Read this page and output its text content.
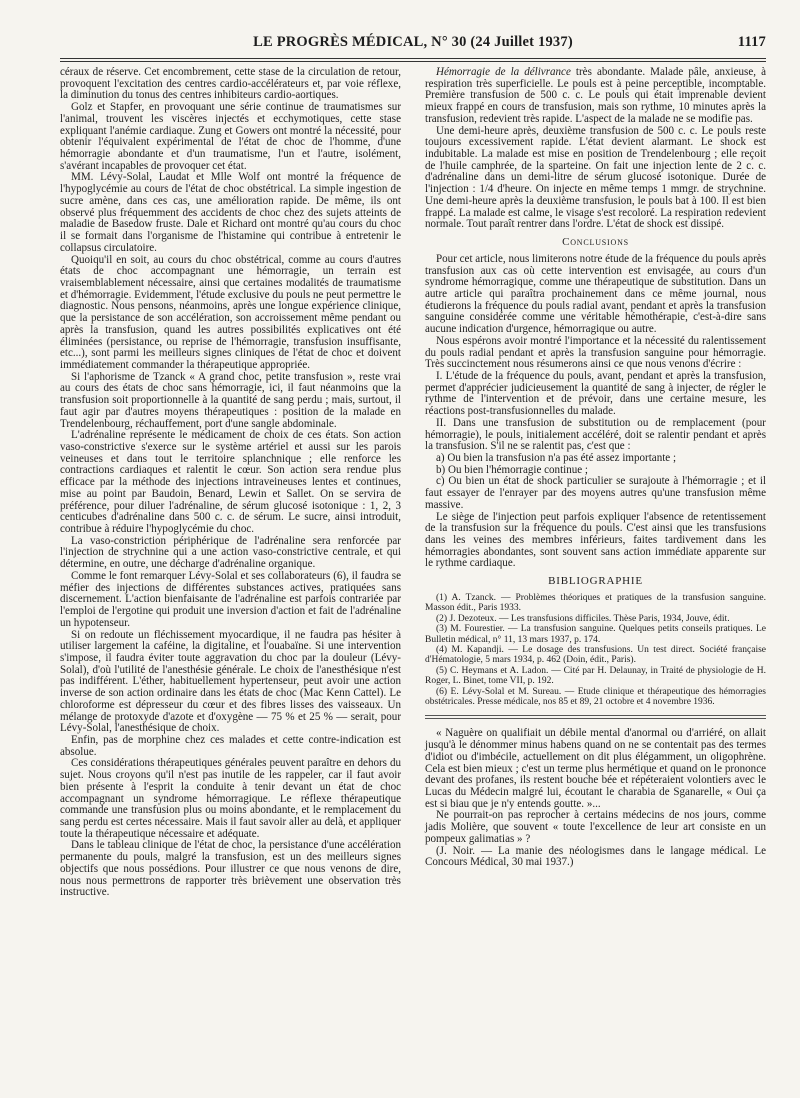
LE PROGRÈS MÉDICAL, N° 30 (24 Juillet 1937)	1117

céraux de réserve. Cet encombrement, cette stase de la circulation de retour, provoquent l'excitation des centres cardio-accélérateurs et, par voie réflexe, la diminution du tonus des centres inhibiteurs cardio-aortiques.

Golz et Stapfer, en provoquant une série continue de traumatismes sur l'animal, trouvent les viscères injectés et ecchymotiques, cette stase expliquant l'anémie cardiaque. Zung et Gowers ont montré la nécessité, pour obtenir l'équivalent expérimental de l'état de choc de l'homme, d'une hémorragie abondante et d'un traumatisme, l'un et l'autre, isolément, s'avérant incapables de provoquer cet état.

MM. Lévy-Solal, Laudat et Mlle Wolf ont montré la fréquence de l'hypoglycémie au cours de l'état de choc obstétrical. La simple ingestion de sucre amène, dans ces cas, une amélioration rapide. De même, ils ont observé plus fréquemment des accidents de choc chez des sujets atteints de maladie de Basedow fruste. Dale et Richard ont montré qu'au cours du choc il se formait dans l'organisme de l'histamine qui contribue à entretenir le collapsus circulatoire.

Quoiqu'il en soit, au cours du choc obstétrical, comme au cours d'autres états de choc accompagnant une hémorragie, un terrain est vraisemblablement nécessaire, ainsi que certaines modalités de traumatisme et d'hémorragie. Evidemment, l'étude exclusive du pouls ne peut permettre le diagnostic. Nous pensons, néanmoins, après une longue expérience clinique, que la persistance de son accélération, son accroissement même pendant ou après la transfusion, quand les autres possibilités explicatives ont été éliminées (persistance, ou reprise de l'hémorragie, transfusion insuffisante, etc...), sont parmi les meilleurs signes cliniques de l'état de choc et doivent immédiatement commander la thérapeutique appropriée.

Si l'aphorisme de Tzanck « A grand choc, petite transfusion », reste vrai au cours des états de choc sans hémorragie, ici, il faut néanmoins que la transfusion soit proportionnelle à la quantité de sang perdu ; mais, surtout, il faut agir par d'autres moyens thérapeutiques : position de la malade en Trendelenbourg, réchauffement, port d'une sangle abdominale.

L'adrénaline représente le médicament de choix de ces états. Son action vaso-constrictive s'exerce sur le système artériel et aussi sur les parois veineuses et dans tout le territoire splanchnique ; elle renforce les contractions cardiaques et ralentit le cœur. Son action sera rendue plus efficace par la méthode des injections intraveineuses lentes et continues, mise au point par Baudoin, Benard, Lewin et Sallet. On se servira de préférence, pour diluer l'adrénaline, de sérum glucosé isotonique : 1, 2, 3 centicubes d'adrénaline dans 500 c. c. de sérum. Le sucre, ainsi introduit, contribue à réduire l'hypoglycémie du choc.

La vaso-constriction périphérique de l'adrénaline sera renforcée par l'injection de strychnine qui a une action vaso-constrictive centrale, et qui détermine, en outre, une décharge d'adrénaline organique.

Comme le font remarquer Lévy-Solal et ses collaborateurs (6), il faudra se méfier des injections de différentes substances actives, pratiquées sans discernement. L'action bienfaisante de l'adrénaline est parfois contrariée par l'emploi de l'ergotine qui produit une inversion d'action et fait de l'adrénaline un hypotenseur.

Si on redoute un fléchissement myocardique, il ne faudra pas hésiter à utiliser largement la caféine, la digitaline, et l'ouabaïne. Si une intervention s'impose, il faudra éviter toute aggravation du choc par la douleur (Lévy-Solal), d'où l'utilité de l'anesthésie générale. Le choix de l'anesthésique n'est pas indifférent. L'éther, habituellement hypertenseur, peut avoir une action inverse de son action ordinaire dans les états de choc (Mac Kenn Cattel). Le chloroforme est dépresseur du cœur et des fibres lisses des vaisseaux. Un mélange de protoxyde d'azote et d'oxygène — 75 % et 25 % — serait, pour Lévy-Solal, l'anesthésique de choix.

Enfin, pas de morphine chez ces malades et cette contre-indication est absolue.

Ces considérations thérapeutiques générales peuvent paraître en dehors du sujet. Nous croyons qu'il n'est pas inutile de les rappeler, car il faut avoir bien présente à l'esprit la conduite à tenir devant un état de choc accompagnant un syndrome hémorragique. Le réflexe thérapeutique commande une transfusion plus ou moins abondante, et le remplacement du sang perdu est certes nécessaire. Mais il faut savoir aller au delà, et appliquer toute la thérapeutique nécessaire et adéquate.

Dans le tableau clinique de l'état de choc, la persistance d'une accélération permanente du pouls, malgré la transfusion, est un des meilleurs signes objectifs que nous possédions. Pour illustrer ce que nous venons de dire, nous nous permettrons de rapporter très brièvement une observation très instructive.

Hémorragie de la délivrance très abondante. Malade pâle, anxieuse, à respiration très superficielle. Le pouls est à peine perceptible, incomptable. Première transfusion de 500 c. c. Le pouls qui était imprenable devient mieux frappé en cours de transfusion, mais son rythme, 10 minutes après la transfusion, redevient très rapide. L'aspect de la malade ne se modifie pas.

Une demi-heure après, deuxième transfusion de 500 c. c. Le pouls reste toujours excessivement rapide. L'état devient alarmant. Le shock est indubitable. La malade est mise en position de Trendelenbourg ; elle reçoit de l'huile camphrée, de la sparteine. On fait une injection lente de 2 c. c. d'adrénaline dans un demi-litre de sérum glucosé isotonique. Durée de l'injection : 1/4 d'heure. On injecte en même temps 1 mmgr. de strychnine. Une demi-heure après la deuxième transfusion, le pouls bat à 100. Il est bien frappé. La malade est calme, le visage s'est recoloré. La respiration redevient normale. Tout paraît rentrer dans l'ordre. L'état de shock est dissipé.

Conclusions

Pour cet article, nous limiterons notre étude de la fréquence du pouls après transfusion aux cas où cette intervention est envisagée, au cours d'un syndrome hémorragique, comme une thérapeutique de substitution. Dans un autre article qui paraîtra prochainement dans ce même journal, nous étudierons la fréquence du pouls radial avant, pendant et après la transfusion sanguine considérée comme une véritable hémothérapie, c'est-à-dire sans aucune indication d'urgence, hémorragique ou autre.

Nous espérons avoir montré l'importance et la nécessité du ralentissement du pouls radial pendant et après la transfusion sanguine pour hémorragie. Très succinctement nous résumerons ainsi ce que nous venons d'écrire :

I. L'étude de la fréquence du pouls, avant, pendant et après la transfusion, permet d'apprécier judicieusement la quantité de sang à injecter, de régler le rythme de l'intervention et de prévoir, dans une certaine mesure, les réactions post-transfusionnelles du malade.

II. Dans une transfusion de substitution ou de remplacement (pour hémorragie), le pouls, initialement accéléré, doit se ralentir pendant et après la transfusion. S'il ne se ralentit pas, c'est que :

a) Ou bien la transfusion n'a pas été assez importante ;

b) Ou bien l'hémorragie continue ;

c) Ou bien un état de shock particulier se surajoute à l'hémorragie ; et il faut essayer de l'enrayer par des moyens autres qu'une transfusion même massive.

Le siège de l'injection peut parfois expliquer l'absence de retentissement de la transfusion sur la fréquence du pouls. C'est ainsi que les transfusions dans les veines des membres inférieurs, faites tardivement dans les hémorragies abondantes, sont souvent sans action immédiate apparente sur le rythme cardiaque.

BIBLIOGRAPHIE

(1) A. Tzanck. — Problèmes théoriques et pratiques de la transfusion sanguine. Masson édit., Paris 1933.

(2) J. Dezoteux. — Les transfusions difficiles. Thèse Paris, 1934, Jouve, édit.

(3) M. Fourestier. — La transfusion sanguine. Quelques petits conseils pratiques. Le Bulletin médical, n° 11, 13 mars 1937, p. 174.

(4) M. Kapandji. — Le dosage des transfusions. Un test direct. Société française d'Hématologie, 5 mars 1934, p. 462 (Doin, édit., Paris).

(5) C. Heymans et A. Ladon. — Cité par H. Delaunay, in Traité de physiologie de H. Roger, L. Binet, tome VII, p. 192.

(6) E. Lévy-Solal et M. Sureau. — Etude clinique et thérapeutique des hémorragies obstétricales. Presse médicale, nos 85 et 89, 21 octobre et 4 novembre 1936.

« Naguère on qualifiait un débile mental d'anormal ou d'arriéré, on allait jusqu'à le dénommer minus habens quand on ne se contentait pas des termes d'idiot ou d'imbécile, actuellement on dit plus élégamment, un oligophrène. Cela est bien mieux ; c'est un terme plus hermétique et quand on le prononce devant des profanes, ils restent bouche bée et répéteraient volontiers avec le Lucas du Médecin malgré lui, écoutant le charabia de Sganarelle, « Oui ça est si biau que je n'y entends goutte. »...

Ne pourrait-on pas reprocher à certains médecins de nos jours, comme jadis Molière, que souvent « toute l'excellence de leur art consiste en un pompeux galimatias » ?

(J. Noir. — La manie des néologismes dans le langage médical. Le Concours Médical, 30 mai 1937.)
